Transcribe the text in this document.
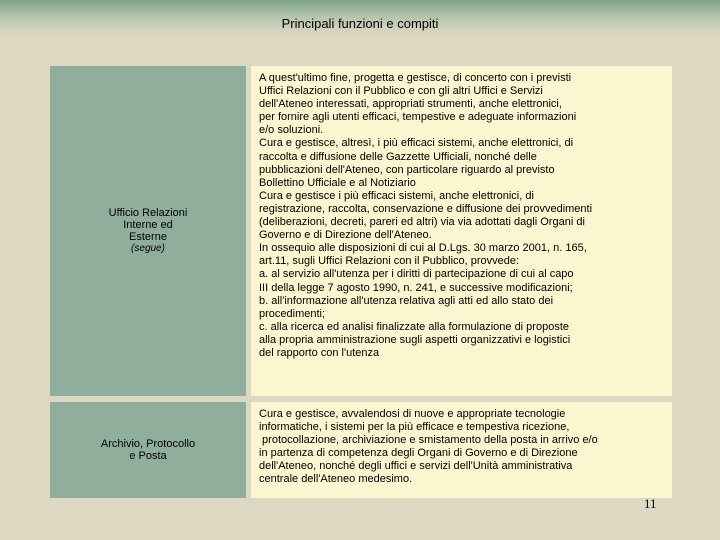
Principali funzioni e compiti
Ufficio Relazioni
Interne ed
Esterne
(segue)
A quest'ultimo fine, progetta e gestisce, di concerto con i previsti
Uffici Relazioni con il Pubblico e con gli altri Uffici e Servizi
dell'Ateneo interessati, appropriati strumenti, anche elettronici,
per fornire agli utenti efficaci, tempestive e adeguate informazioni
e/o soluzioni.
Cura e gestisce, altresì, i più efficaci sistemi, anche elettronici, di
raccolta e diffusione delle Gazzette Ufficiali, nonché delle
pubblicazioni dell'Ateneo, con particolare riguardo al previsto
Bollettino Ufficiale e al Notiziario
Cura e gestisce i più efficaci sistemi, anche elettronici, di
registrazione, raccolta, conservazione e diffusione dei provvedimenti
(deliberazioni, decreti, pareri ed altri) via via adottati dagli Organi di
Governo e di Direzione dell'Ateneo.
In ossequio alle disposizioni di cui al D.Lgs. 30 marzo 2001, n. 165,
art.11, sugli Uffici Relazioni con il Pubblico, provvede:
a. al servizio all'utenza per i diritti di partecipazione di cui al capo
III della legge 7 agosto 1990, n. 241, e successive modificazioni;
b. all'informazione all'utenza relativa agli atti ed allo stato dei
procedimenti;
c. alla ricerca ed analisi finalizzate alla formulazione di proposte
alla propria amministrazione sugli aspetti organizzativi e logistici
del rapporto con l'utenza
Archivio, Protocollo
e Posta
Cura e gestisce, avvalendosi di nuove e appropriate tecnologie
informatiche, i sistemi per la più efficace e tempestiva ricezione,
protocollazione, archiviazione e smistamento della posta in arrivo e/o
in partenza di competenza degli Organi di Governo e di Direzione
dell'Ateneo, nonché degli uffici e servizi dell'Unità amministrativa
centrale dell'Ateneo medesimo.
11
